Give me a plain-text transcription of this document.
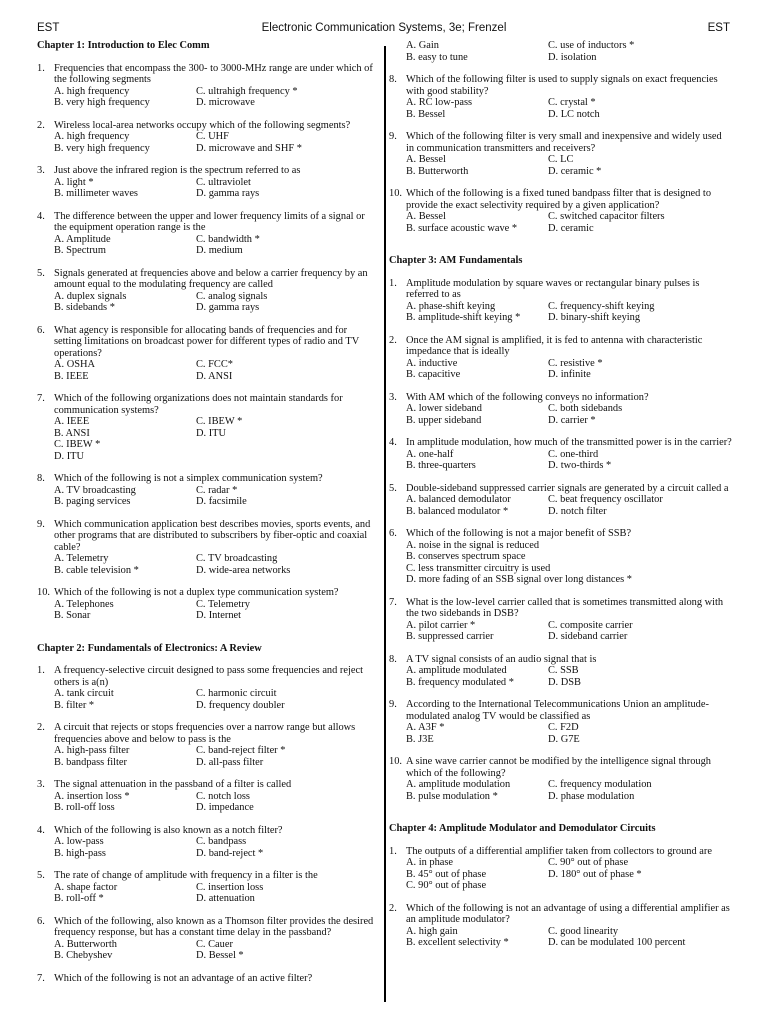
EST	Electronic Communication Systems, 3e; Frenzel	EST
Chapter 1: Introduction to Elec Comm
1. Frequencies that encompass the 300- to 3000-MHz range are under which of the following segments
A. high frequency	C. ultrahigh frequency *
B. very high frequency	D. microwave
2. Wireless local-area networks occupy which of the following segments?
A. high frequency	C. UHF
B. very high frequency	D. microwave and SHF *
3. Just above the infrared region is the spectrum referred to as
A. light *	C. ultraviolet
B. millimeter waves	D. gamma rays
4. The difference between the upper and lower frequency limits of a signal or the equipment operation range is the
A. Amplitude	C. bandwidth *
B. Spectrum	D. medium
5. Signals generated at frequencies above and below a carrier frequency by an amount equal to the modulating frequency are called
A. duplex signals	C. analog signals
B. sidebands *	D. gamma rays
6. What agency is responsible for allocating bands of frequencies and for setting limitations on broadcast power for different types of radio and TV operations?
A. OSHA	C. FCC*
B. IEEE	D. ANSI
7. Which of the following organizations does not maintain standards for communication systems?
A. IEEE	C. IBEW *
B. ANSI	D. ITU
C. IBEW *
D. ITU
8. Which of the following is not a simplex communication system?
A. TV broadcasting	C. radar *
B. paging services	D. facsimile
9. Which communication application best describes movies, sports events, and other programs that are distributed to subscribers by fiber-optic and coaxial cable?
A. Telemetry	C. TV broadcasting
B. cable television *	D. wide-area networks
10. Which of the following is not a duplex type communication system?
A. Telephones	C. Telemetry
B. Sonar	D. Internet
Chapter 2: Fundamentals of Electronics: A Review
1. A frequency-selective circuit designed to pass some frequencies and reject others is a(n)
A. tank circuit	C. harmonic circuit
B. filter *	D. frequency doubler
2. A circuit that rejects or stops frequencies over a narrow range but allows frequencies above and below to pass is the
A. high-pass filter	C. band-reject filter *
B. bandpass filter	D. all-pass filter
3. The signal attenuation in the passband of a filter is called
A. insertion loss *	C. notch loss
B. roll-off loss	D. impedance
4. Which of the following is also known as a notch filter?
A. low-pass	C. bandpass
B. high-pass	D. band-reject *
5. The rate of change of amplitude with frequency in a filter is the
A. shape factor	C. insertion loss
B. roll-off *	D. attenuation
6. Which of the following, also known as a Thomson filter provides the desired frequency response, but has a constant time delay in the passband?
A. Butterworth	C. Cauer
B. Chebyshev	D. Bessel *
7. Which of the following is not an advantage of an active filter?
A. Gain	C. use of inductors *
B. easy to tune	D. isolation
8. Which of the following filter is used to supply signals on exact frequencies with good stability?
A. RC low-pass	C. crystal *
B. Bessel	D. LC notch
9. Which of the following filter is very small and inexpensive and widely used in communication transmitters and receivers?
A. Bessel	C. LC
B. Butterworth	D. ceramic *
10. Which of the following is a fixed tuned bandpass filter that is designed to provide the exact selectivity required by a given application?
A. Bessel	C. switched capacitor filters
B. surface acoustic wave *	D. ceramic
Chapter 3: AM Fundamentals
1. Amplitude modulation by square waves or rectangular binary pulses is referred to as
A. phase-shift keying	C. frequency-shift keying
B. amplitude-shift keying *	D. binary-shift keying
2. Once the AM signal is amplified, it is fed to antenna with characteristic impedance that is ideally
A. inductive	C. resistive *
B. capacitive	D. infinite
3. With AM which of the following conveys no information?
A. lower sideband	C. both sidebands
B. upper sideband	D. carrier *
4. In amplitude modulation, how much of the transmitted power is in the carrier?
A. one-half	C. one-third
B. three-quarters	D. two-thirds *
5. Double-sideband suppressed carrier signals are generated by a circuit called a
A. balanced demodulator	C. beat frequency oscillator
B. balanced modulator *	D. notch filter
6. Which of the following is not a major benefit of SSB?
A. noise in the signal is reduced
B. conserves spectrum space
C. less transmitter circuitry is used
D. more fading of an SSB signal over long distances *
7. What is the low-level carrier called that is sometimes transmitted along with the two sidebands in DSB?
A. pilot carrier *	C. composite carrier
B. suppressed carrier	D. sideband carrier
8. A TV signal consists of an audio signal that is
A. amplitude modulated	C. SSB
B. frequency modulated *	D. DSB
9. According to the International Telecommunications Union an amplitude-modulated analog TV would be classified as
A. A3F *	C. F2D
B. J3E	D. G7E
10. A sine wave carrier cannot be modified by the intelligence signal through which of the following?
A. amplitude modulation	C. frequency modulation
B. pulse modulation *	D. phase modulation
Chapter 4: Amplitude Modulator and Demodulator Circuits
1. The outputs of a differential amplifier taken from collectors to ground are
A. in phase	C. 90° out of phase
B. 45° out of phase	D. 180° out of phase *
C. 90° out of phase
2. Which of the following is not an advantage of using a differential amplifier as an amplitude modulator?
A. high gain	C. good linearity
B. excellent selectivity *	D. can be modulated 100 percent
